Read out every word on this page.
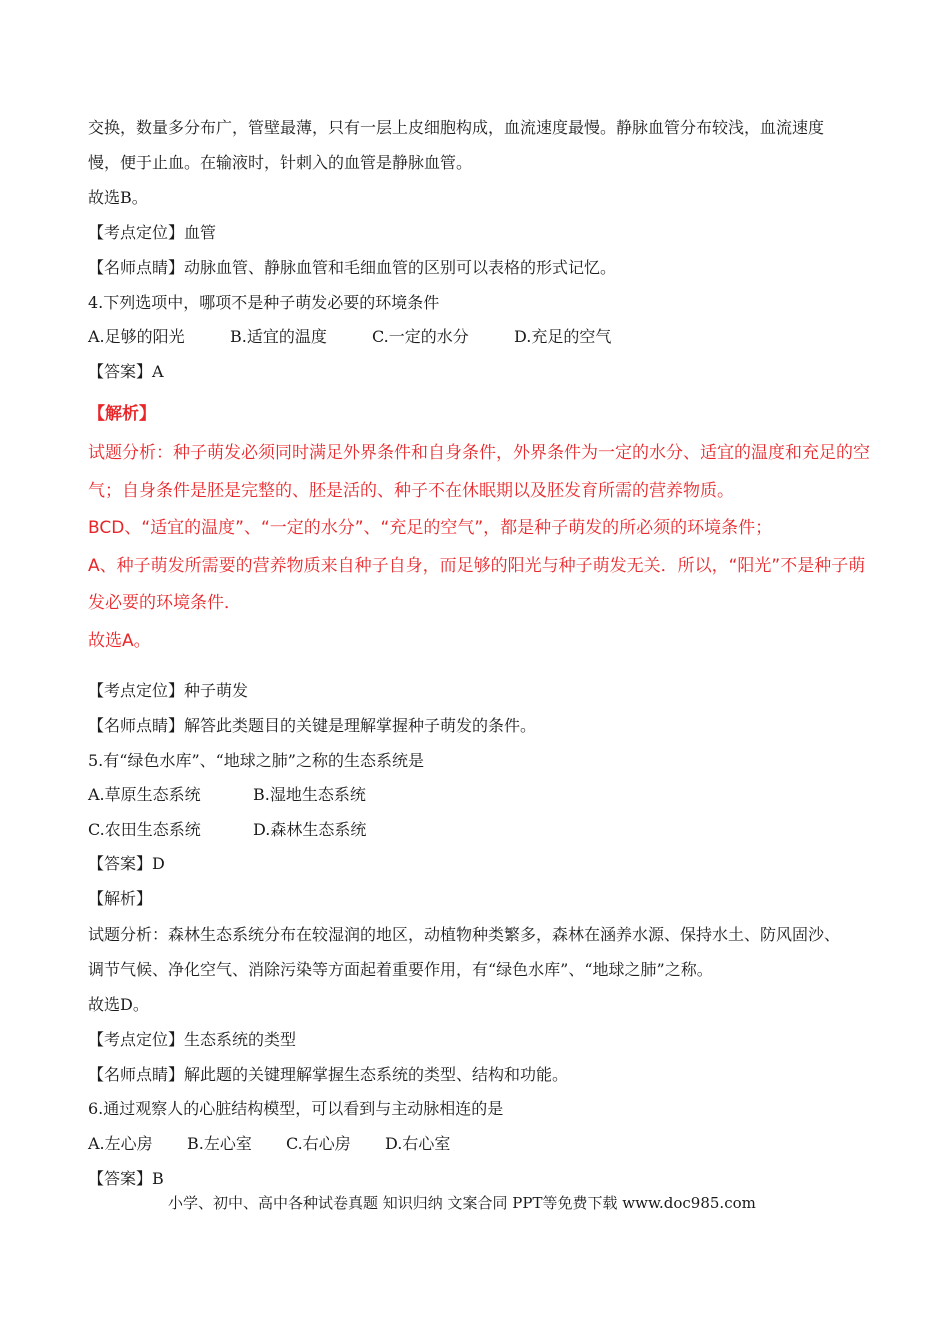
交换，数量多分布广，管壁最薄，只有一层上皮细胞构成，血流速度最慢。静脉血管分布较浅，血流速度
慢，便于止血。在输液时，针刺入的血管是静脉血管。
故选B。
【考点定位】血管
【名师点睛】动脉血管、静脉血管和毛细血管的区别可以表格的形式记忆。
4.下列选项中，哪项不是种子萌发必要的环境条件
A.足够的阳光	B.适宜的温度	C.一定的水分	D.充足的空气
【答案】A
【解析】
试题分析：种子萌发必须同时满足外界条件和自身条件，外界条件为一定的水分、适宜的温度和充足的空
气；自身条件是胚是完整的、胚是活的、种子不在休眠期以及胚发育所需的营养物质。
BCD、“适宜的温度”、“一定的水分”、“充足的空气”，都是种子萌发的所必须的环境条件；
A、种子萌发所需要的营养物质来自种子自身，而足够的阳光与种子萌发无关．所以，“阳光”不是种子萌
发必要的环境条件．
故选A。
【考点定位】种子萌发
【名师点睛】解答此类题目的关键是理解掌握种子萌发的条件。
5.有“绿色水库”、“地球之肺”之称的生态系统是
A.草原生态系统	B.湿地生态系统
C.农田生态系统	D.森林生态系统
【答案】D
【解析】
试题分析：森林生态系统分布在较湿润的地区，动植物种类繁多，森林在涵养水源、保持水土、防风固沙、
调节气候、净化空气、消除污染等方面起着重要作用，有“绿色水库”、“地球之肺”之称。
故选D。
【考点定位】生态系统的类型
【名师点睛】解此题的关键理解掌握生态系统的类型、结构和功能。
6.通过观察人的心脏结构模型，可以看到与主动脉相连的是
A.左心房 B.左心室 C.右心房 D.右心室
【答案】B
小学、初中、高中各种试卷真题 知识归纳 文案合同 PPT等免费下载 www.doc985.com
